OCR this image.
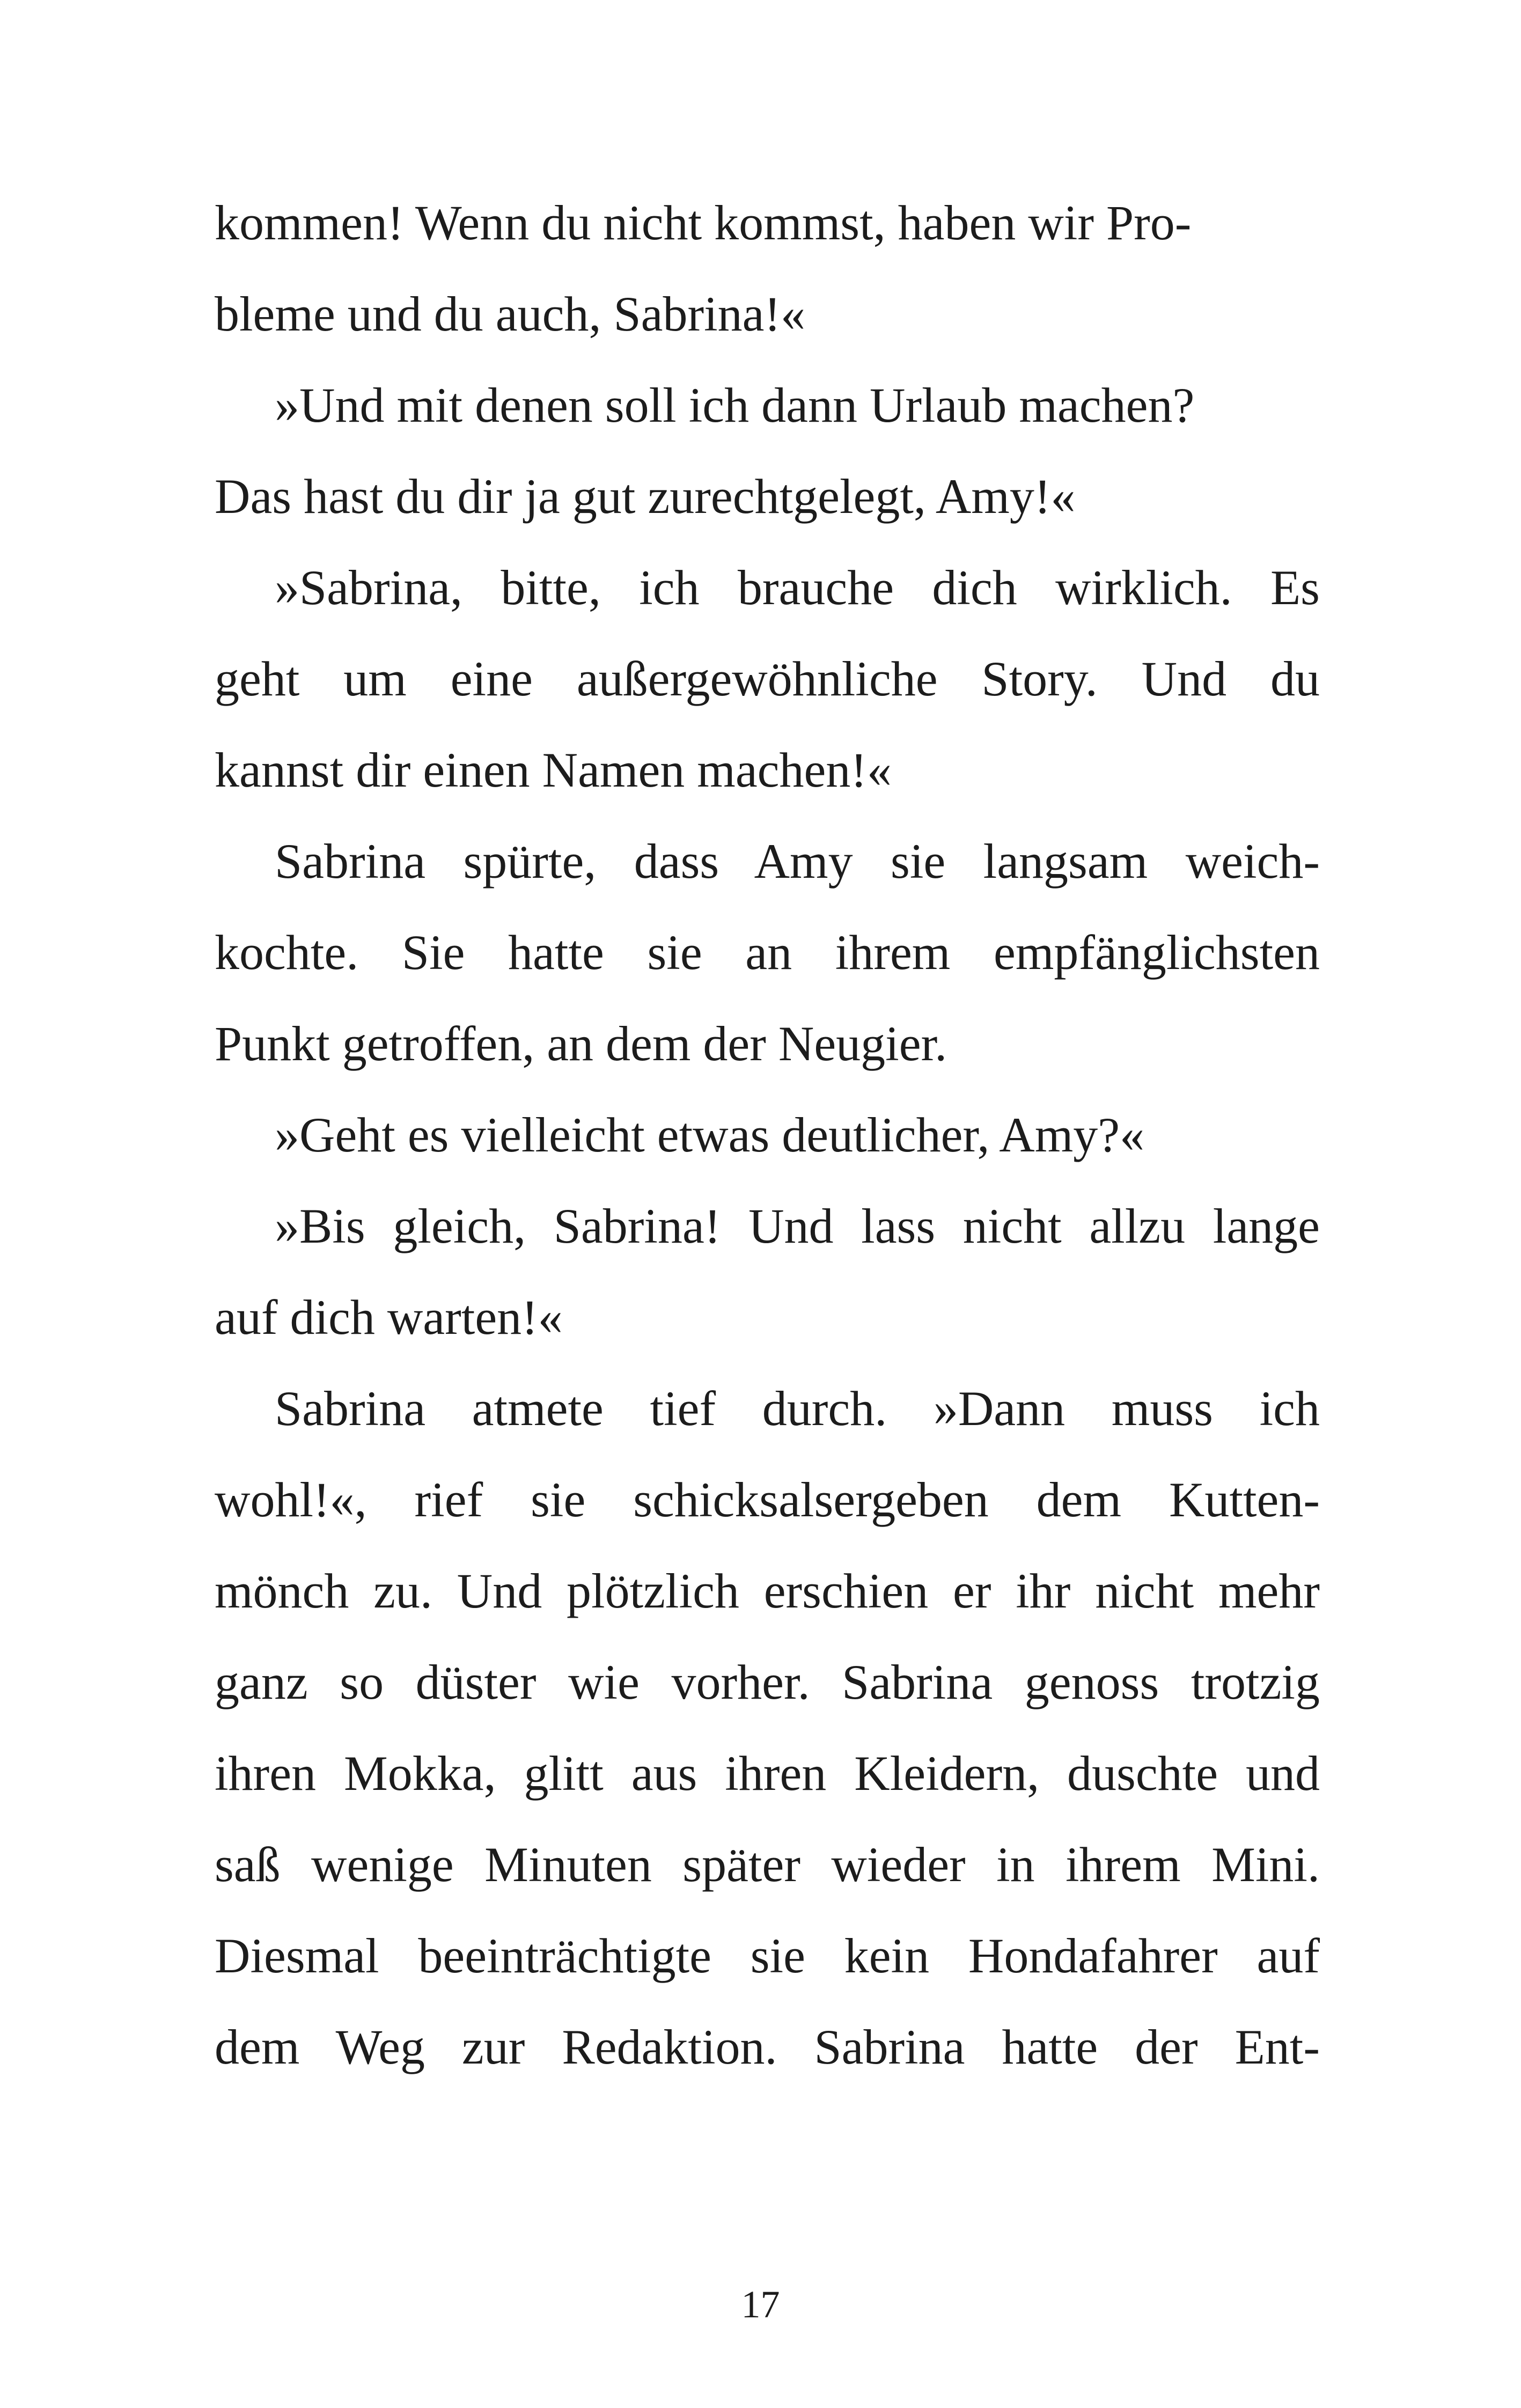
kommen! Wenn du nicht kommst, haben wir Pro-
bleme und du auch, Sabrina!«
»Und mit denen soll ich dann Urlaub machen?
Das hast du dir ja gut zurechtgelegt, Amy!«
»Sabrina, bitte, ich brauche dich wirklich. Es
geht um eine außergewöhnliche Story. Und du
kannst dir einen Namen machen!«
Sabrina spürte, dass Amy sie langsam weich-
kochte. Sie hatte sie an ihrem empfänglichsten
Punkt getroffen, an dem der Neugier.
»Geht es vielleicht etwas deutlicher, Amy?«
»Bis gleich, Sabrina! Und lass nicht allzu lange
auf dich warten!«
Sabrina atmete tief durch. »Dann muss ich
wohl!«, rief sie schicksalsergeben dem Kutten-
mönch zu. Und plötzlich erschien er ihr nicht mehr
ganz so düster wie vorher. Sabrina genoss trotzig
ihren Mokka, glitt aus ihren Kleidern, duschte und
saß wenige Minuten später wieder in ihrem Mini.
Diesmal beeinträchtigte sie kein Hondafahrer auf
dem Weg zur Redaktion. Sabrina hatte der Ent-
17
